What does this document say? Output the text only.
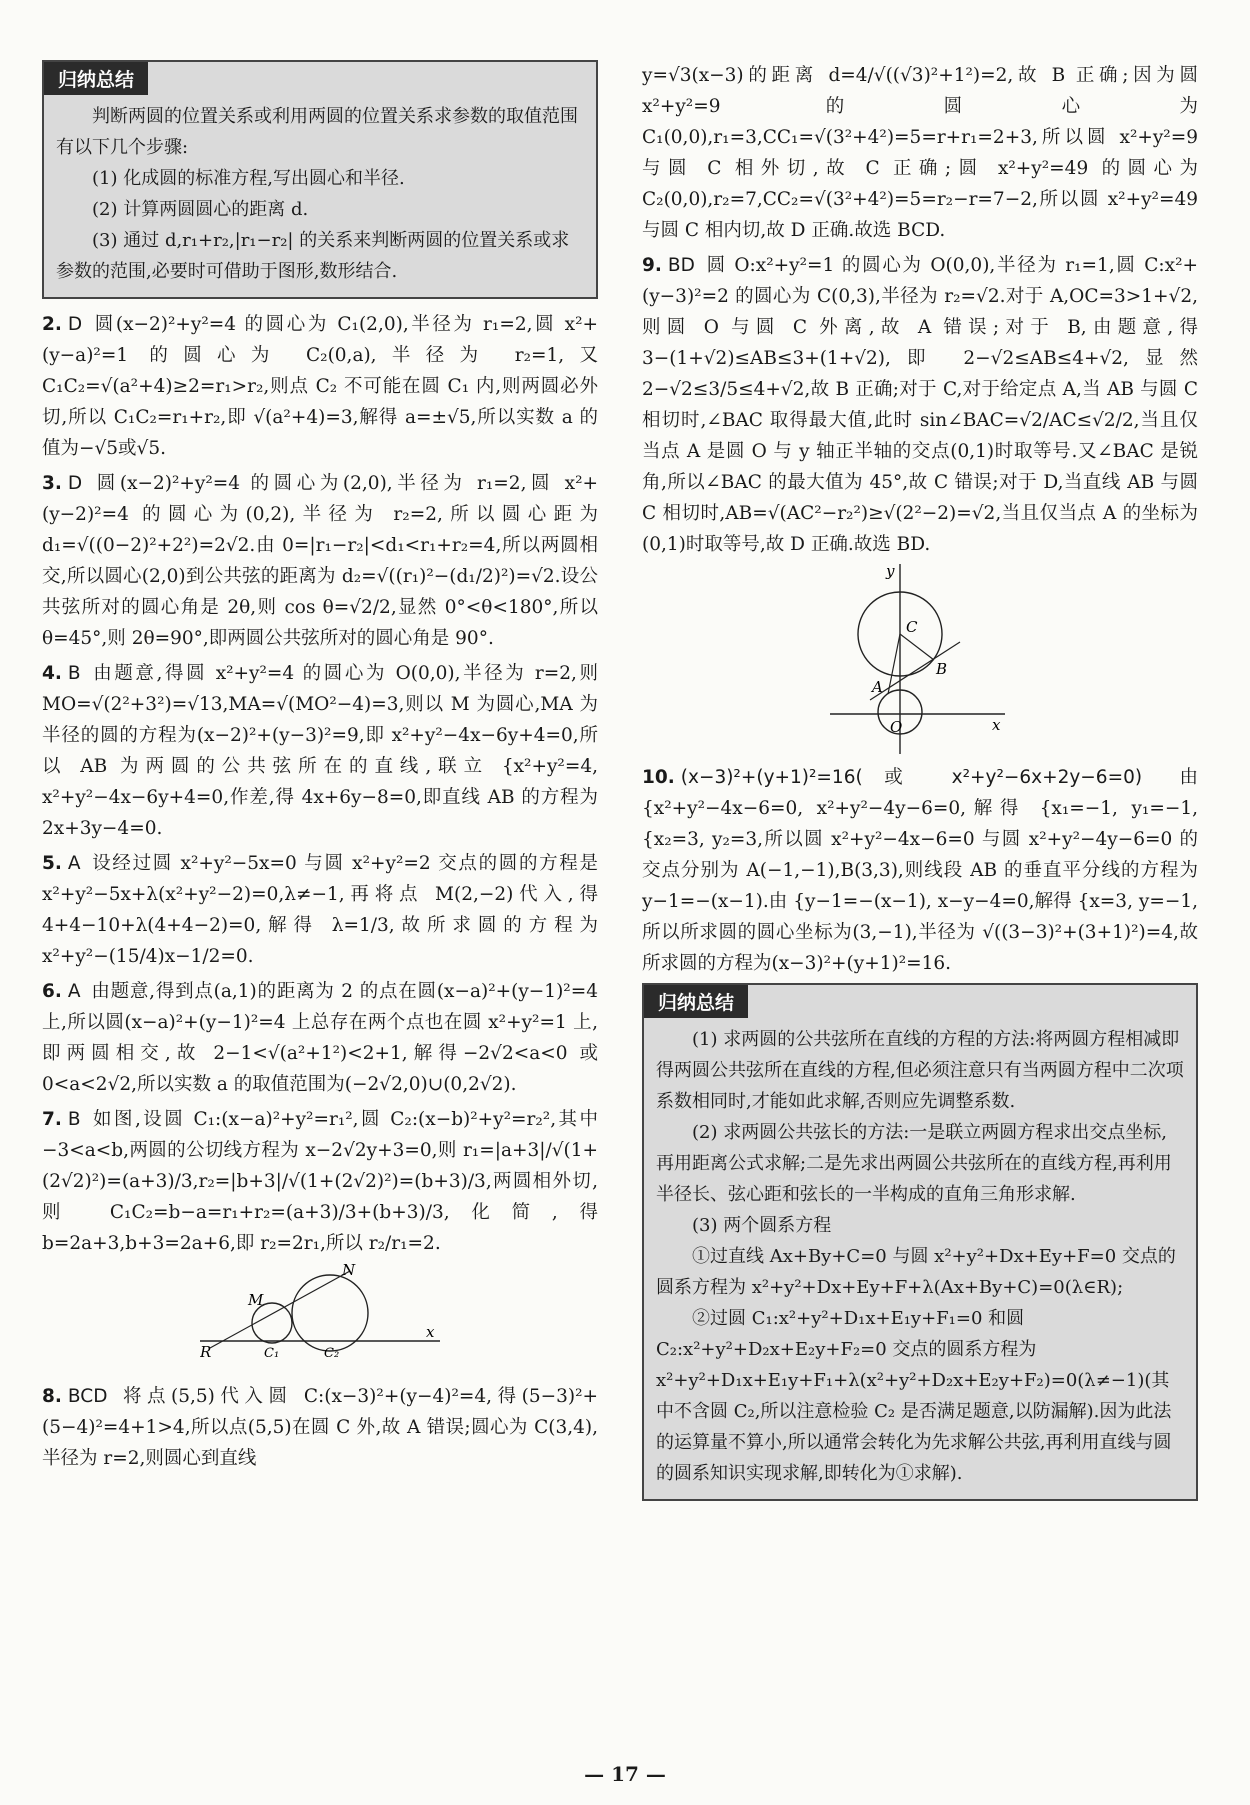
归纳总结

判断两圆的位置关系或利用两圆的位置关系求参数的取值范围有以下几个步骤:

(1) 化成圆的标准方程,写出圆心和半径.

(2) 计算两圆圆心的距离 d.

(3) 通过 d,r₁+r₂,|r₁−r₂| 的关系来判断两圆的位置关系或求参数的范围,必要时可借助于图形,数形结合.

2. D 圆(x−2)²+y²=4 的圆心为 C₁(2,0),半径为 r₁=2,圆 x²+(y−a)²=1 的圆心为 C₂(0,a),半径为 r₂=1,又 C₁C₂=√(a²+4)≥2=r₁>r₂,则点 C₂ 不可能在圆 C₁ 内,则两圆必外切,所以 C₁C₂=r₁+r₂,即 √(a²+4)=3,解得 a=±√5,所以实数 a 的值为−√5或√5.
3. D 圆(x−2)²+y²=4 的圆心为(2,0),半径为 r₁=2,圆 x²+(y−2)²=4 的圆心为(0,2),半径为 r₂=2,所以圆心距为 d₁=√((0−2)²+2²)=2√2.由 0=|r₁−r₂|<d₁<r₁+r₂=4,所以两圆相交,所以圆心(2,0)到公共弦的距离为 d₂=√((r₁)²−(d₁/2)²)=√2.设公共弦所对的圆心角是 2θ,则 cos θ=√2/2,显然 0°<θ<180°,所以 θ=45°,则 2θ=90°,即两圆公共弦所对的圆心角是 90°.
4. B 由题意,得圆 x²+y²=4 的圆心为 O(0,0),半径为 r=2,则 MO=√(2²+3²)=√13,MA=√(MO²−4)=3,则以 M 为圆心,MA 为半径的圆的方程为(x−2)²+(y−3)²=9,即 x²+y²−4x−6y+4=0,所以 AB 为两圆的公共弦所在的直线,联立 {x²+y²=4, x²+y²−4x−6y+4=0,作差,得 4x+6y−8=0,即直线 AB 的方程为 2x+3y−4=0.
5. A 设经过圆 x²+y²−5x=0 与圆 x²+y²=2 交点的圆的方程是 x²+y²−5x+λ(x²+y²−2)=0,λ≠−1,再将点 M(2,−2)代入,得 4+4−10+λ(4+4−2)=0,解得 λ=1/3,故所求圆的方程为 x²+y²−(15/4)x−1/2=0.
6. A 由题意,得到点(a,1)的距离为 2 的点在圆(x−a)²+(y−1)²=4 上,所以圆(x−a)²+(y−1)²=4 上总存在两个点也在圆 x²+y²=1 上,即两圆相交,故 2−1<√(a²+1²)<2+1,解得−2√2<a<0 或 0<a<2√2,所以实数 a 的取值范围为(−2√2,0)∪(0,2√2).
7. B 如图,设圆 C₁:(x−a)²+y²=r₁²,圆 C₂:(x−b)²+y²=r₂²,其中−3<a<b,两圆的公切线方程为 x−2√2y+3=0,则 r₁=|a+3|/√(1+(2√2)²)=(a+3)/3,r₂=|b+3|/√(1+(2√2)²)=(b+3)/3,两圆相外切,则 C₁C₂=b−a=r₁+r₂=(a+3)/3+(b+3)/3,化简,得 b=2a+3,b+3=2a+6,即 r₂=2r₁,所以 r₂/r₁=2.
N
M
R	C₁	C₂
x
8. BCD 将点(5,5)代入圆 C:(x−3)²+(y−4)²=4,得(5−3)²+(5−4)²=4+1>4,所以点(5,5)在圆 C 外,故 A 错误;圆心为 C(3,4),半径为 r=2,则圆心到直线
y=√3(x−3)的距离 d=4/√((√3)²+1²)=2,故 B 正确;因为圆 x²+y²=9 的圆心为 C₁(0,0),r₁=3,CC₁=√(3²+4²)=5=r+r₁=2+3,所以圆 x²+y²=9 与圆 C 相外切,故 C 正确;圆 x²+y²=49 的圆心为 C₂(0,0),r₂=7,CC₂=√(3²+4²)=5=r₂−r=7−2,所以圆 x²+y²=49 与圆 C 相内切,故 D 正确.故选 BCD.
9. BD 圆 O:x²+y²=1 的圆心为 O(0,0),半径为 r₁=1,圆 C:x²+(y−3)²=2 的圆心为 C(0,3),半径为 r₂=√2.对于 A,OC=3>1+√2,则圆 O 与圆 C 外离,故 A 错误;对于 B,由题意,得 3−(1+√2)≤AB≤3+(1+√2),即 2−√2≤AB≤4+√2,显然 2−√2≤3/5≤4+√2,故 B 正确;对于 C,对于给定点 A,当 AB 与圆 C 相切时,∠BAC 取得最大值,此时 sin∠BAC=√2/AC≤√2/2,当且仅当点 A 是圆 O 与 y 轴正半轴的交点(0,1)时取等号.又∠BAC 是锐角,所以∠BAC 的最大值为 45°,故 C 错误;对于 D,当直线 AB 与圆 C 相切时,AB=√(AC²−r₂²)≥√(2²−2)=√2,当且仅当点 A 的坐标为(0,1)时取等号,故 D 正确.故选 BD.
y
C
B
A
O	x
10. (x−3)²+(y+1)²=16(或 x²+y²−6x+2y−6=0) 由 {x²+y²−4x−6=0, x²+y²−4y−6=0,解得 {x₁=−1, y₁=−1,{x₂=3, y₂=3,所以圆 x²+y²−4x−6=0 与圆 x²+y²−4y−6=0 的交点分别为 A(−1,−1),B(3,3),则线段 AB 的垂直平分线的方程为 y−1=−(x−1).由 {y−1=−(x−1), x−y−4=0,解得 {x=3, y=−1,所以所求圆的圆心坐标为(3,−1),半径为 √((3−3)²+(3+1)²)=4,故所求圆的方程为(x−3)²+(y+1)²=16.
归纳总结

(1) 求两圆的公共弦所在直线的方程的方法:将两圆方程相减即得两圆公共弦所在直线的方程,但必须注意只有当两圆方程中二次项系数相同时,才能如此求解,否则应先调整系数.

(2) 求两圆公共弦长的方法:一是联立两圆方程求出交点坐标,再用距离公式求解;二是先求出两圆公共弦所在的直线方程,再利用半径长、弦心距和弦长的一半构成的直角三角形求解.

(3) 两个圆系方程

①过直线 Ax+By+C=0 与圆 x²+y²+Dx+Ey+F=0 交点的圆系方程为 x²+y²+Dx+Ey+F+λ(Ax+By+C)=0(λ∈R);

②过圆 C₁:x²+y²+D₁x+E₁y+F₁=0 和圆 C₂:x²+y²+D₂x+E₂y+F₂=0 交点的圆系方程为 x²+y²+D₁x+E₁y+F₁+λ(x²+y²+D₂x+E₂y+F₂)=0(λ≠−1)(其中不含圆 C₂,所以注意检验 C₂ 是否满足题意,以防漏解).因为此法的运算量不算小,所以通常会转化为先求解公共弦,再利用直线与圆的圆系知识实现求解,即转化为①求解).

— 17 —
